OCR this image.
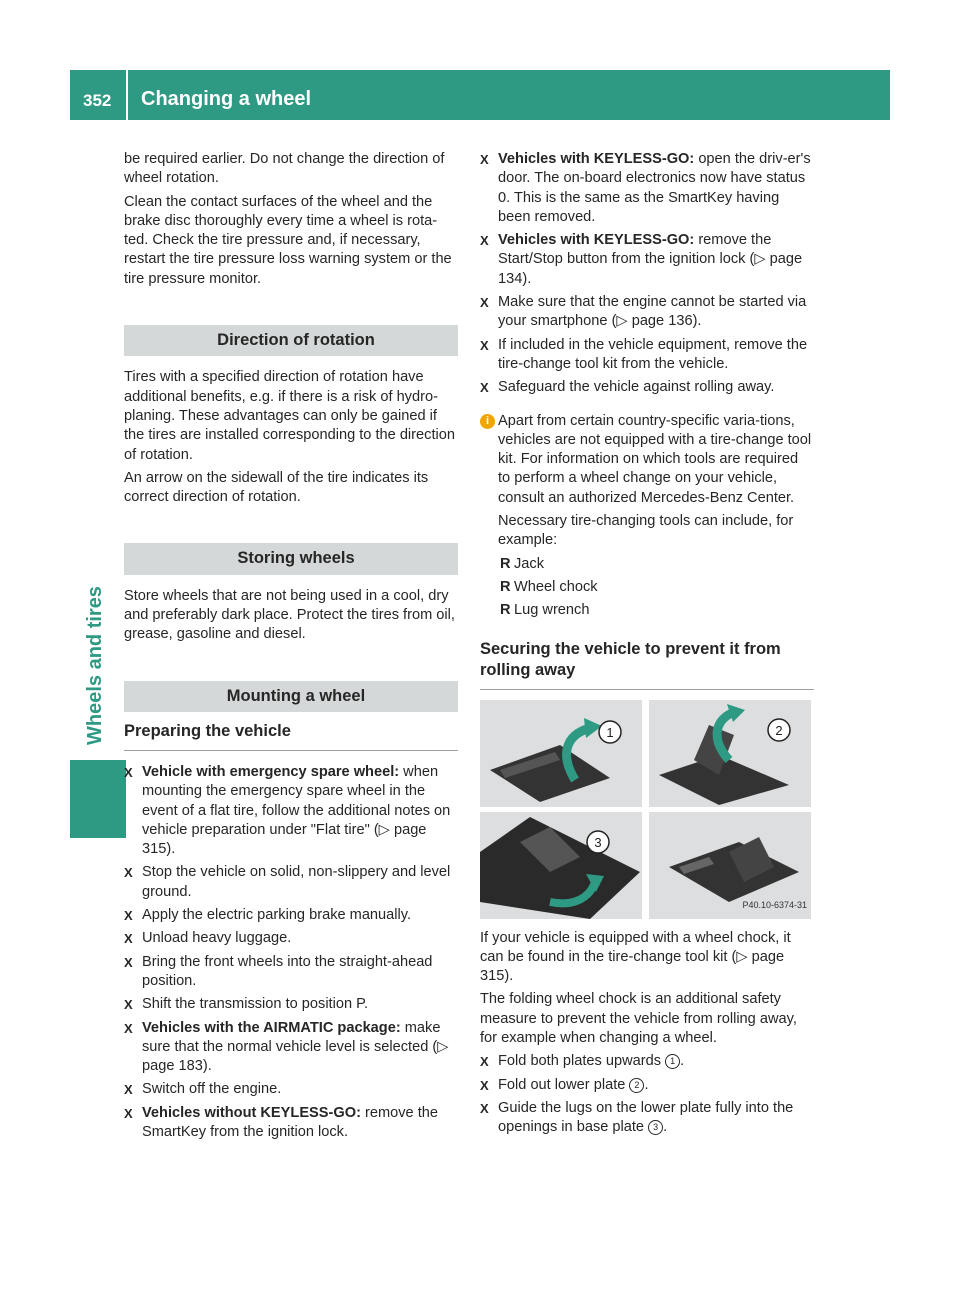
352 Changing a wheel
Wheels and tires

be required earlier. Do not change the direction of wheel rotation.

Clean the contact surfaces of the wheel and the brake disc thoroughly every time a wheel is rota-ted. Check the tire pressure and, if necessary, restart the tire pressure loss warning system or the tire pressure monitor.

Direction of rotation

Tires with a specified direction of rotation have additional benefits, e.g. if there is a risk of hydro-planing. These advantages can only be gained if the tires are installed corresponding to the direction of rotation.

An arrow on the sidewall of the tire indicates its correct direction of rotation.

Storing wheels

Store wheels that are not being used in a cool, dry and preferably dark place. Protect the tires from oil, grease, gasoline and diesel.

Mounting a wheel
Preparing the vehicle
X Vehicle with emergency spare wheel: when mounting the emergency spare wheel in the event of a flat tire, follow the additional notes on vehicle preparation under "Flat tire" (▷ page 315).
X Stop the vehicle on solid, non-slippery and level ground.
X Apply the electric parking brake manually.
X Unload heavy luggage.
X Bring the front wheels into the straight-ahead position.
X Shift the transmission to position P.
X Vehicles with the AIRMATIC package: make sure that the normal vehicle level is selected (▷ page 183).
X Switch off the engine.
X Vehicles without KEYLESS-GO: remove the SmartKey from the ignition lock.
X Vehicles with KEYLESS-GO: open the driv-er's door. The on-board electronics now have status 0. This is the same as the SmartKey having been removed.
X Vehicles with KEYLESS-GO: remove the Start/Stop button from the ignition lock (▷ page 134).
X Make sure that the engine cannot be started via your smartphone (▷ page 136).
X If included in the vehicle equipment, remove the tire-change tool kit from the vehicle.
X Safeguard the vehicle against rolling away.
i Apart from certain country-specific varia-tions, vehicles are not equipped with a tire-change tool kit. For information on which tools are required to perform a wheel change on your vehicle, consult an authorized Mercedes-Benz Center.

Necessary tire-changing tools can include, for example:

R Jack
R Wheel chock
R Lug wrench
Securing the vehicle to prevent it from rolling away
1	2
3
P40.10-6374-31

If your vehicle is equipped with a wheel chock, it can be found in the tire-change tool kit (▷ page 315).

The folding wheel chock is an additional safety measure to prevent the vehicle from rolling away, for example when changing a wheel.

X Fold both plates upwards 1 .
X Fold out lower plate 2 .
X Guide the lugs on the lower plate fully into the openings in base plate 3 .
